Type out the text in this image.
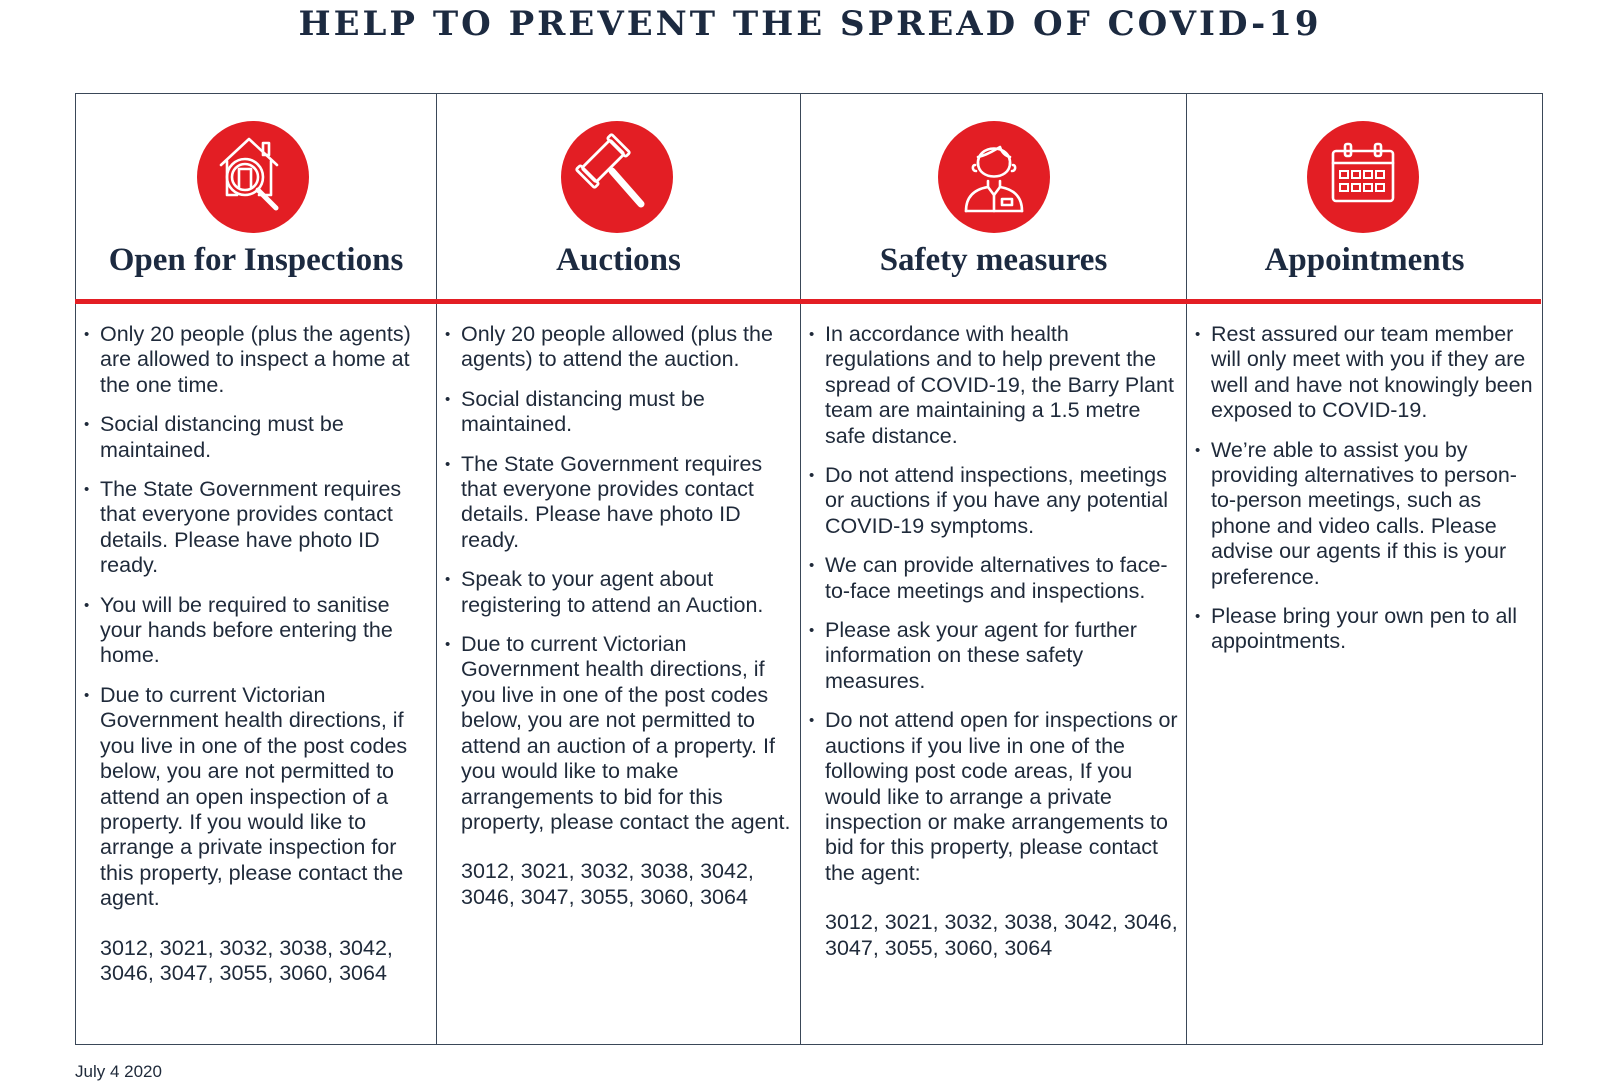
HELP TO PREVENT THE SPREAD OF COVID-19
Open for Inspections
• Only 20 people (plus the agents) are allowed to inspect a home at the one time.
• Social distancing must be maintained.
• The State Government requires that everyone provides contact details. Please have photo ID ready.
• You will be required to sanitise your hands before entering the home.
• Due to current Victorian Government health directions, if you live in one of the post codes below, you are not permitted to attend an open inspection of a property. If you would like to arrange a private inspection for this property, please contact the agent.
3012, 3021, 3032, 3038, 3042, 3046, 3047, 3055, 3060, 3064
Auctions
• Only 20 people allowed (plus the agents) to attend the auction.
• Social distancing must be maintained.
• The State Government requires that everyone provides contact details. Please have photo ID ready.
• Speak to your agent about registering to attend an Auction.
• Due to current Victorian Government health directions, if you live in one of the post codes below, you are not permitted to attend an auction of a property. If you would like to make arrangements to bid for this property, please contact the agent.
3012, 3021, 3032, 3038, 3042, 3046, 3047, 3055, 3060, 3064
Safety measures
• In accordance with health regulations and to help prevent the spread of COVID-19, the Barry Plant team are maintaining a 1.5 metre safe distance.
• Do not attend inspections, meetings or auctions if you have any potential COVID-19 symptoms.
• We can provide alternatives to face-to-face meetings and inspections.
• Please ask your agent for further information on these safety measures.
• Do not attend open for inspections or auctions if you live in one of the following post code areas, If you would like to arrange a private inspection or make arrangements to bid for this property, please contact the agent:
3012, 3021, 3032, 3038, 3042, 3046, 3047, 3055, 3060, 3064
Appointments
• Rest assured our team member will only meet with you if they are well and have not knowingly been exposed to COVID-19.
• We’re able to assist you by providing alternatives to person-to-person meetings, such as phone and video calls. Please advise our agents if this is your preference.
• Please bring your own pen to all appointments.
July 4 2020
